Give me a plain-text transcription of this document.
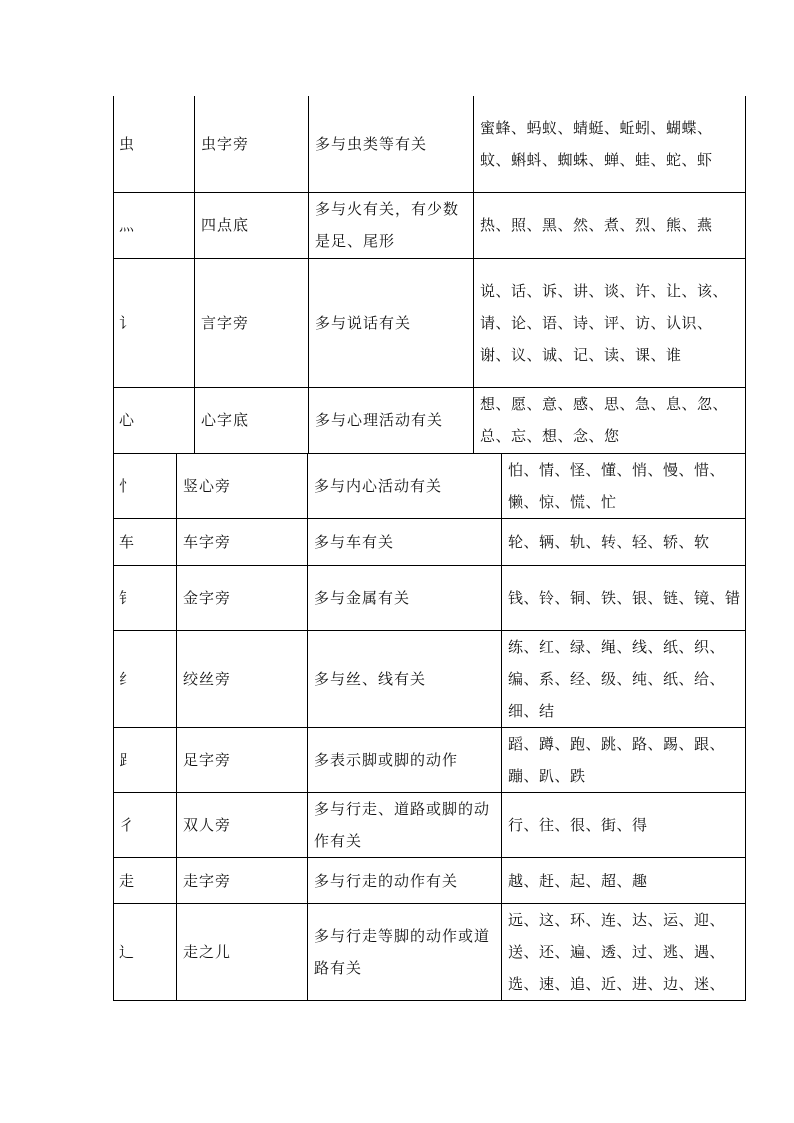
虫	虫字旁	多与虫类等有关	蜜蜂、蚂蚁、蜻蜓、蚯蚓、蝴蝶、蚊、蝌蚪、蜘蛛、蝉、蛙、蛇、虾
灬	四点底	多与火有关，有少数是足、尾形	热、照、黑、然、煮、烈、熊、燕
讠	言字旁	多与说话有关	说、话、诉、讲、谈、许、让、该、请、论、语、诗、评、访、认识、谢、议、诚、记、读、课、谁
心	心字底	多与心理活动有关	想、愿、意、感、思、急、息、忽、总、忘、想、念、您
忄	竖心旁	多与内心活动有关	怕、情、怪、懂、悄、慢、惜、懒、惊、慌、忙
车	车字旁	多与车有关	轮、辆、轨、转、轻、轿、软
钅	金字旁	多与金属有关	钱、铃、铜、铁、银、链、镜、错
纟	绞丝旁	多与丝、线有关	练、红、绿、绳、线、纸、织、编、系、经、级、纯、纸、给、细、结
⻊	足字旁	多表示脚或脚的动作	蹈、蹲、跑、跳、路、踢、跟、蹦、趴、跌
彳	双人旁	多与行走、道路或脚的动作有关	行、往、很、街、得
走	走字旁	多与行走的动作有关	越、赶、起、超、趣
辶	走之儿	多与行走等脚的动作或道路有关	远、这、环、连、达、运、迎、送、还、遍、透、过、逃、遇、选、速、追、近、进、边、迷、
